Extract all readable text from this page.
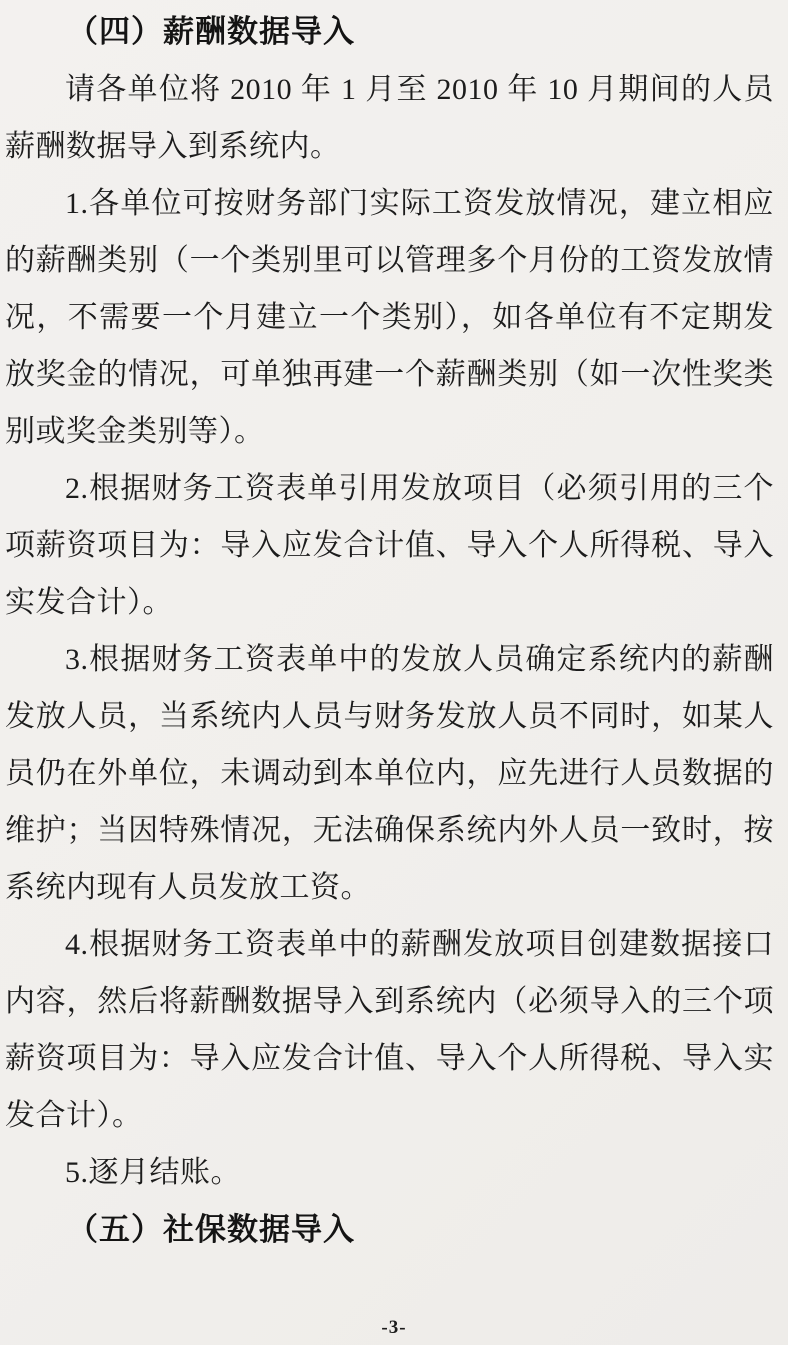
（四）薪酬数据导入

请各单位将 2010 年 1 月至 2010 年 10 月期间的人员薪酬数据导入到系统内。

1.各单位可按财务部门实际工资发放情况，建立相应的薪酬类别（一个类别里可以管理多个月份的工资发放情况，不需要一个月建立一个类别），如各单位有不定期发放奖金的情况，可单独再建一个薪酬类别（如一次性奖类别或奖金类别等）。

2.根据财务工资表单引用发放项目（必须引用的三个项薪资项目为：导入应发合计值、导入个人所得税、导入实发合计）。

3.根据财务工资表单中的发放人员确定系统内的薪酬发放人员，当系统内人员与财务发放人员不同时，如某人员仍在外单位，未调动到本单位内，应先进行人员数据的维护；当因特殊情况，无法确保系统内外人员一致时，按系统内现有人员发放工资。

4.根据财务工资表单中的薪酬发放项目创建数据接口内容，然后将薪酬数据导入到系统内（必须导入的三个项薪资项目为：导入应发合计值、导入个人所得税、导入实发合计）。

5.逐月结账。

（五）社保数据导入
-3-
